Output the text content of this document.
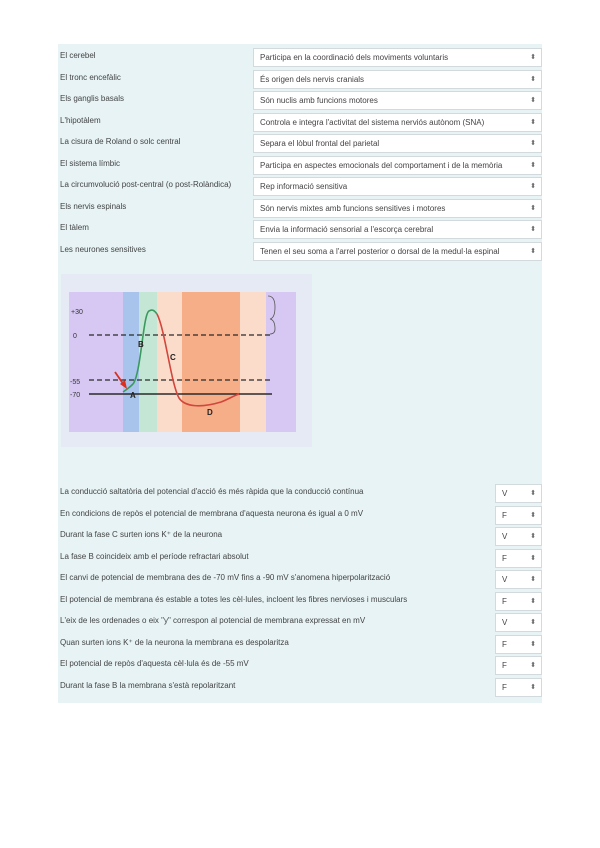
El cerebel	Participa en la coordinació dels moviments voluntaris	⬍
El tronc encefàlic	És origen dels nervis cranials	⬍
Els ganglis basals	Són nuclis amb funcions motores	⬍
L'hipotàlem	Controla e integra l'activitat del sistema nerviós autònom (SNA)	⬍
La cisura de Roland o solc central	Separa el lòbul frontal del parietal	⬍
El sistema límbic	Participa en aspectes emocionals del comportament i de la memòria	⬍
La circumvolució post-central (o post-Rolàndica)	Rep informació sensitiva	⬍
Els nervis espinals	Són nervis mixtes amb funcions sensitives i motores	⬍
El tàlem	Envia la informació sensorial a l'escorça cerebral	⬍
Les neurones sensitives	Tenen el seu soma a l'arrel posterior o dorsal de la medul·la espinal	⬍
+30
0
-55
-70	A
B
C
D
La conducció saltatòria del potencial d'acció és més ràpida que la conducció contínua	V	⬍
En condicions de repòs el potencial de membrana d'aquesta neurona és igual a 0 mV	F	⬍
Durant la fase C surten ions K⁺ de la neurona	V	⬍
La fase B coincideix amb el període refractari absolut	F	⬍
El canvi de potencial de membrana des de -70 mV fins a -90 mV s'anomena hiperpolarització	V	⬍
El potencial de membrana és estable a totes les cèl·lules, incloent les fibres nervioses i musculars	F	⬍
L'eix de les ordenades o eix "y" correspon al potencial de membrana expressat en mV	V	⬍
Quan surten ions K⁺ de la neurona la membrana es despolaritza	F	⬍
El potencial de repòs d'aquesta cèl·lula és de -55 mV	F	⬍
Durant la fase B la membrana s'està repolaritzant	F	⬍
